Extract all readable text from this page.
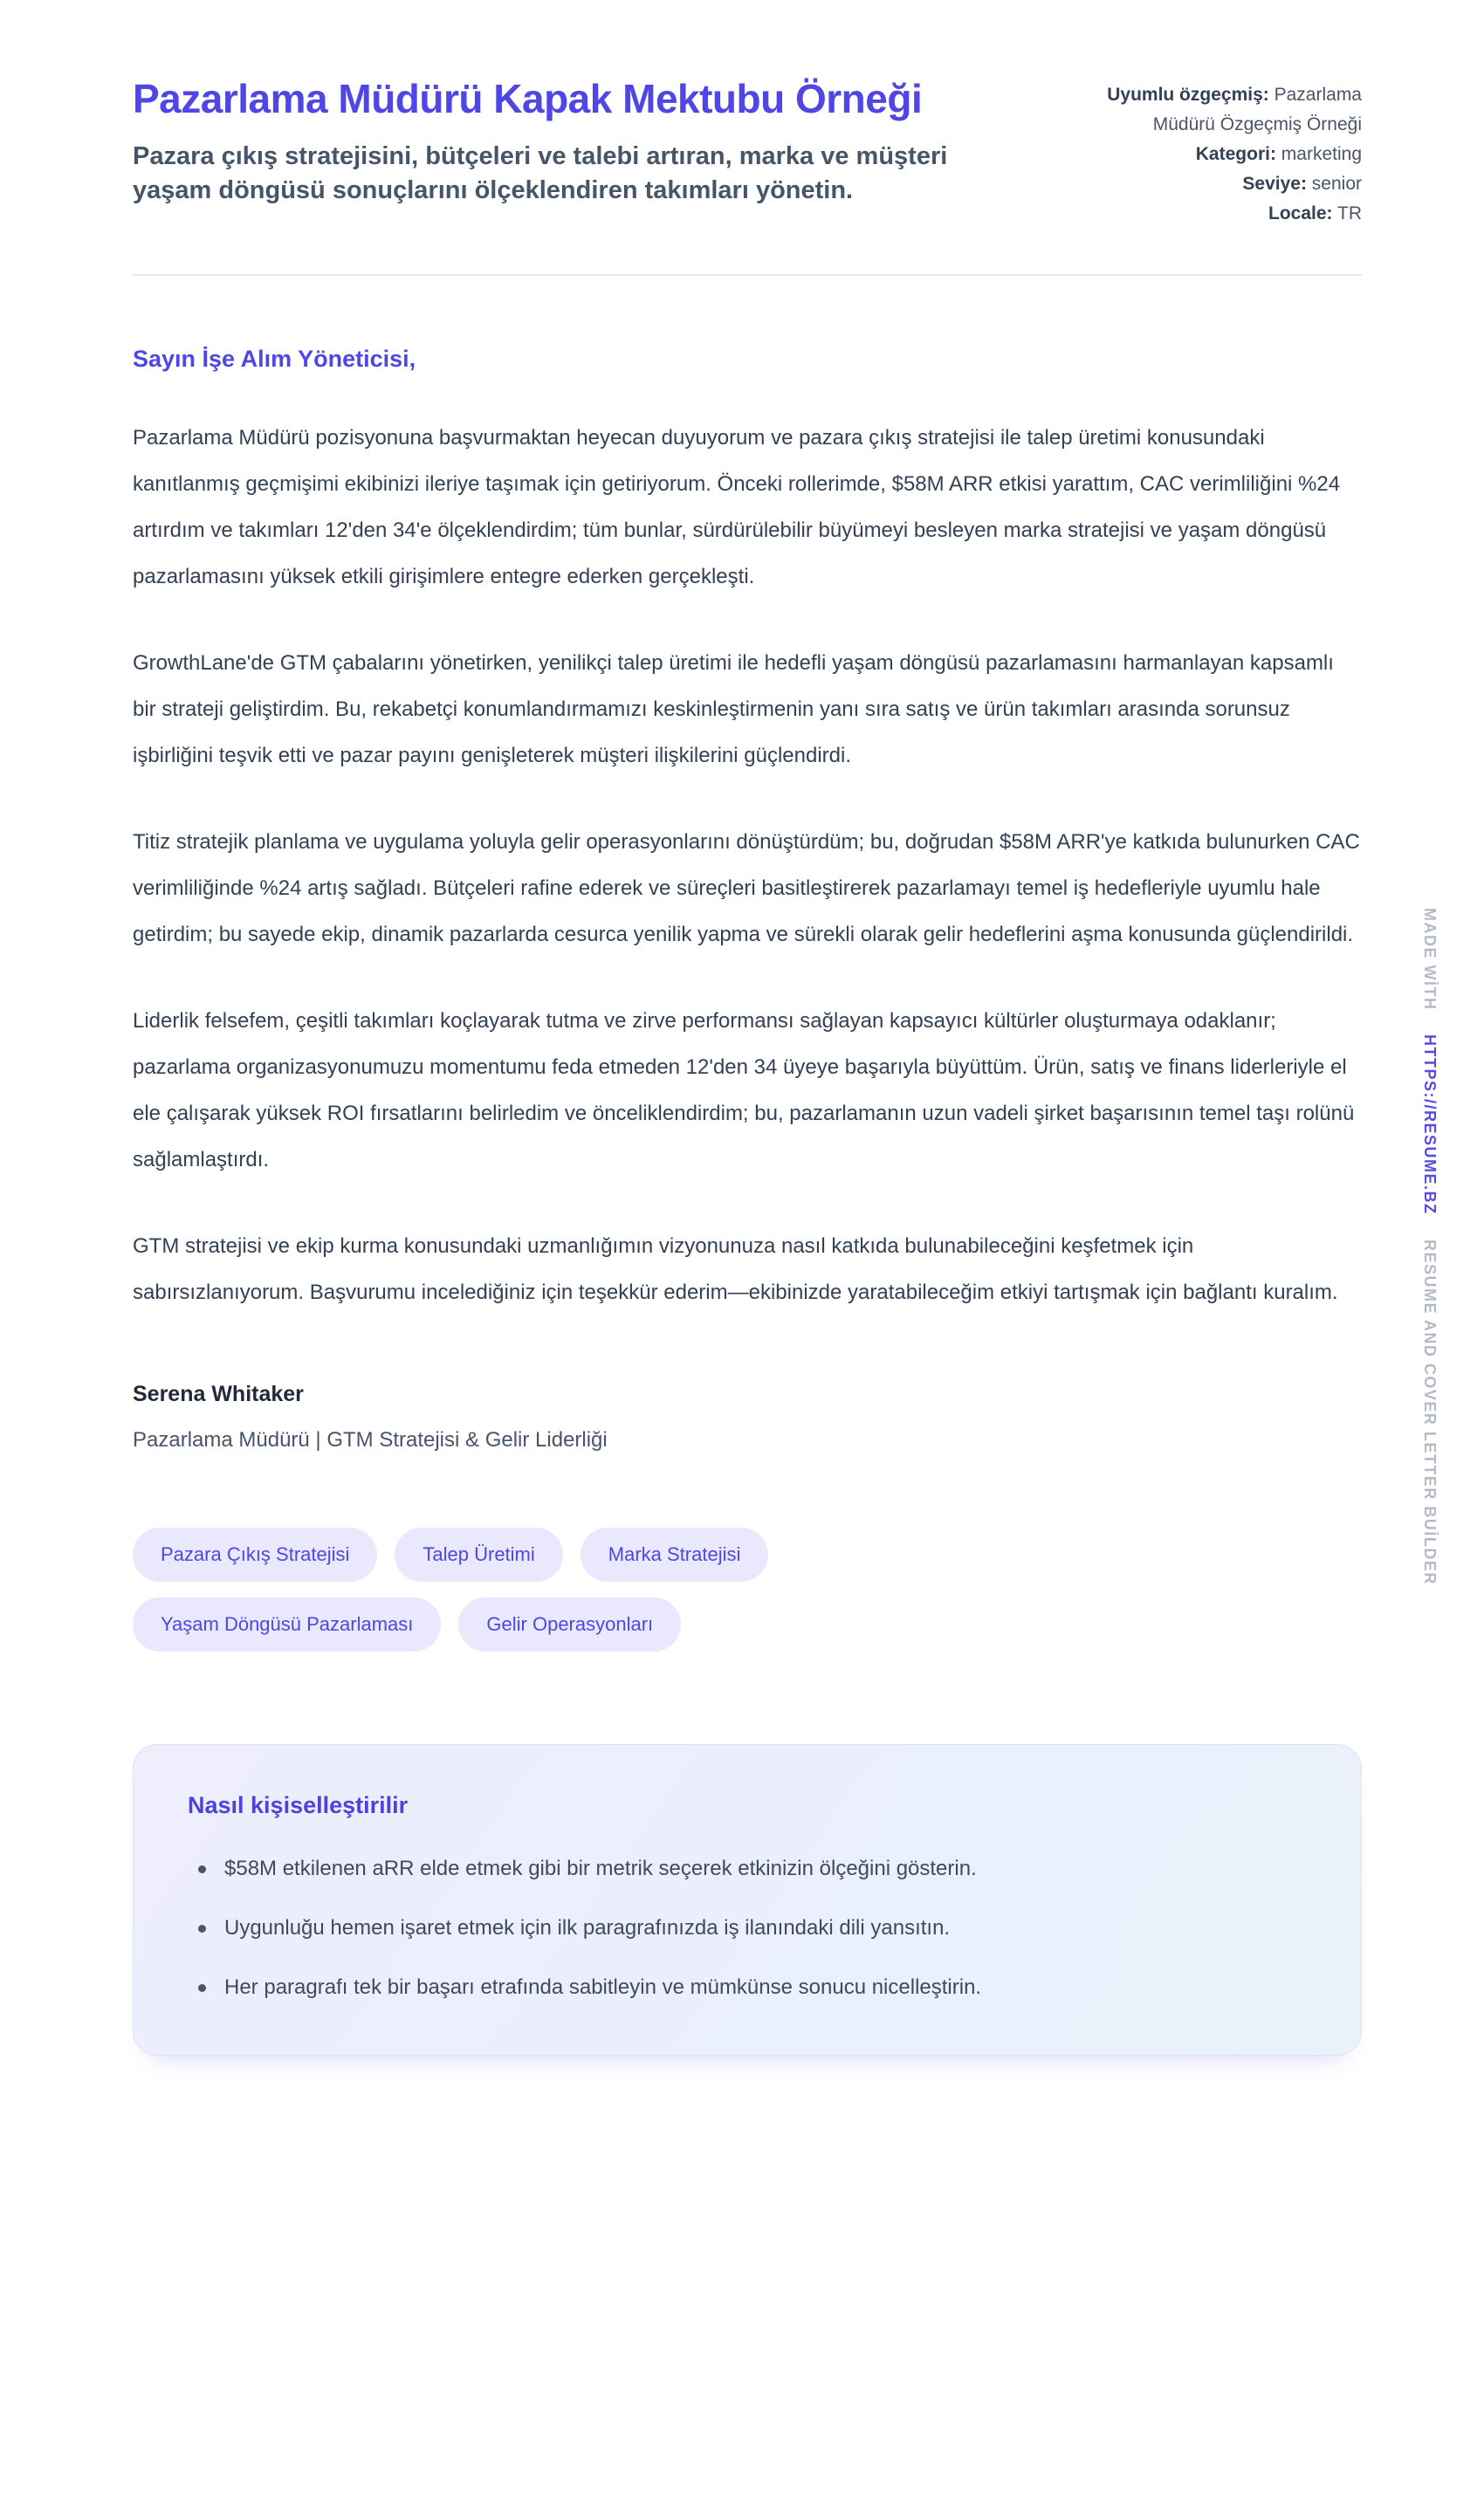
Pazarlama Müdürü Kapak Mektubu Örneği
Pazara çıkış stratejisini, bütçeleri ve talebi artıran, marka ve müşteri yaşam döngüsü sonuçlarını ölçeklendiren takımları yönetin.
Uyumlu özgeçmiş: Pazarlama Müdürü Özgeçmiş Örneği
Kategori: marketing
Seviye: senior
Locale: TR
Sayın İşe Alım Yöneticisi,

Pazarlama Müdürü pozisyonuna başvurmaktan heyecan duyuyorum ve pazara çıkış stratejisi ile talep üretimi konusundaki kanıtlanmış geçmişimi ekibinizi ileriye taşımak için getiriyorum. Önceki rollerimde, $58M ARR etkisi yarattım, CAC verimliliğini %24 artırdım ve takımları 12'den 34'e ölçeklendirdim; tüm bunlar, sürdürülebilir büyümeyi besleyen marka stratejisi ve yaşam döngüsü pazarlamasını yüksek etkili girişimlere entegre ederken gerçekleşti.

GrowthLane'de GTM çabalarını yönetirken, yenilikçi talep üretimi ile hedefli yaşam döngüsü pazarlamasını harmanlayan kapsamlı bir strateji geliştirdim. Bu, rekabetçi konumlandırmamızı keskinleştirmenin yanı sıra satış ve ürün takımları arasında sorunsuz işbirliğini teşvik etti ve pazar payını genişleterek müşteri ilişkilerini güçlendirdi.

Titiz stratejik planlama ve uygulama yoluyla gelir operasyonlarını dönüştürdüm; bu, doğrudan $58M ARR'ye katkıda bulunurken CAC verimliliğinde %24 artış sağladı. Bütçeleri rafine ederek ve süreçleri basitleştirerek pazarlamayı temel iş hedefleriyle uyumlu hale getirdim; bu sayede ekip, dinamik pazarlarda cesurca yenilik yapma ve sürekli olarak gelir hedeflerini aşma konusunda güçlendirildi.

Liderlik felsefem, çeşitli takımları koçlayarak tutma ve zirve performansı sağlayan kapsayıcı kültürler oluşturmaya odaklanır; pazarlama organizasyonumuzu momentumu feda etmeden 12'den 34 üyeye başarıyla büyüttüm. Ürün, satış ve finans liderleriyle el ele çalışarak yüksek ROI fırsatlarını belirledim ve önceliklendirdim; bu, pazarlamanın uzun vadeli şirket başarısının temel taşı rolünü sağlamlaştırdı.

GTM stratejisi ve ekip kurma konusundaki uzmanlığımın vizyonunuza nasıl katkıda bulunabileceğini keşfetmek için sabırsızlanıyorum. Başvurumu incelediğiniz için teşekkür ederim—ekibinizde yaratabileceğim etkiyi tartışmak için bağlantı kuralım.

Serena Whitaker
Pazarlama Müdürü | GTM Stratejisi & Gelir Liderliği
Pazara Çıkış Stratejisi	Talep Üretimi	Marka Stratejisi
Yaşam Döngüsü Pazarlaması	Gelir Operasyonları
Nasıl kişiselleştirilir
$58M etkilenen aRR elde etmek gibi bir metrik seçerek etkinizin ölçeğini gösterin.
Uygunluğu hemen işaret etmek için ilk paragrafınızda iş ilanındaki dili yansıtın.
Her paragrafı tek bir başarı etrafında sabitleyin ve mümkünse sonucu nicelleştirin.
MADE WİTH
HTTPS://RESUME.BZ
RESUME AND COVER LETTER BUİLDER
